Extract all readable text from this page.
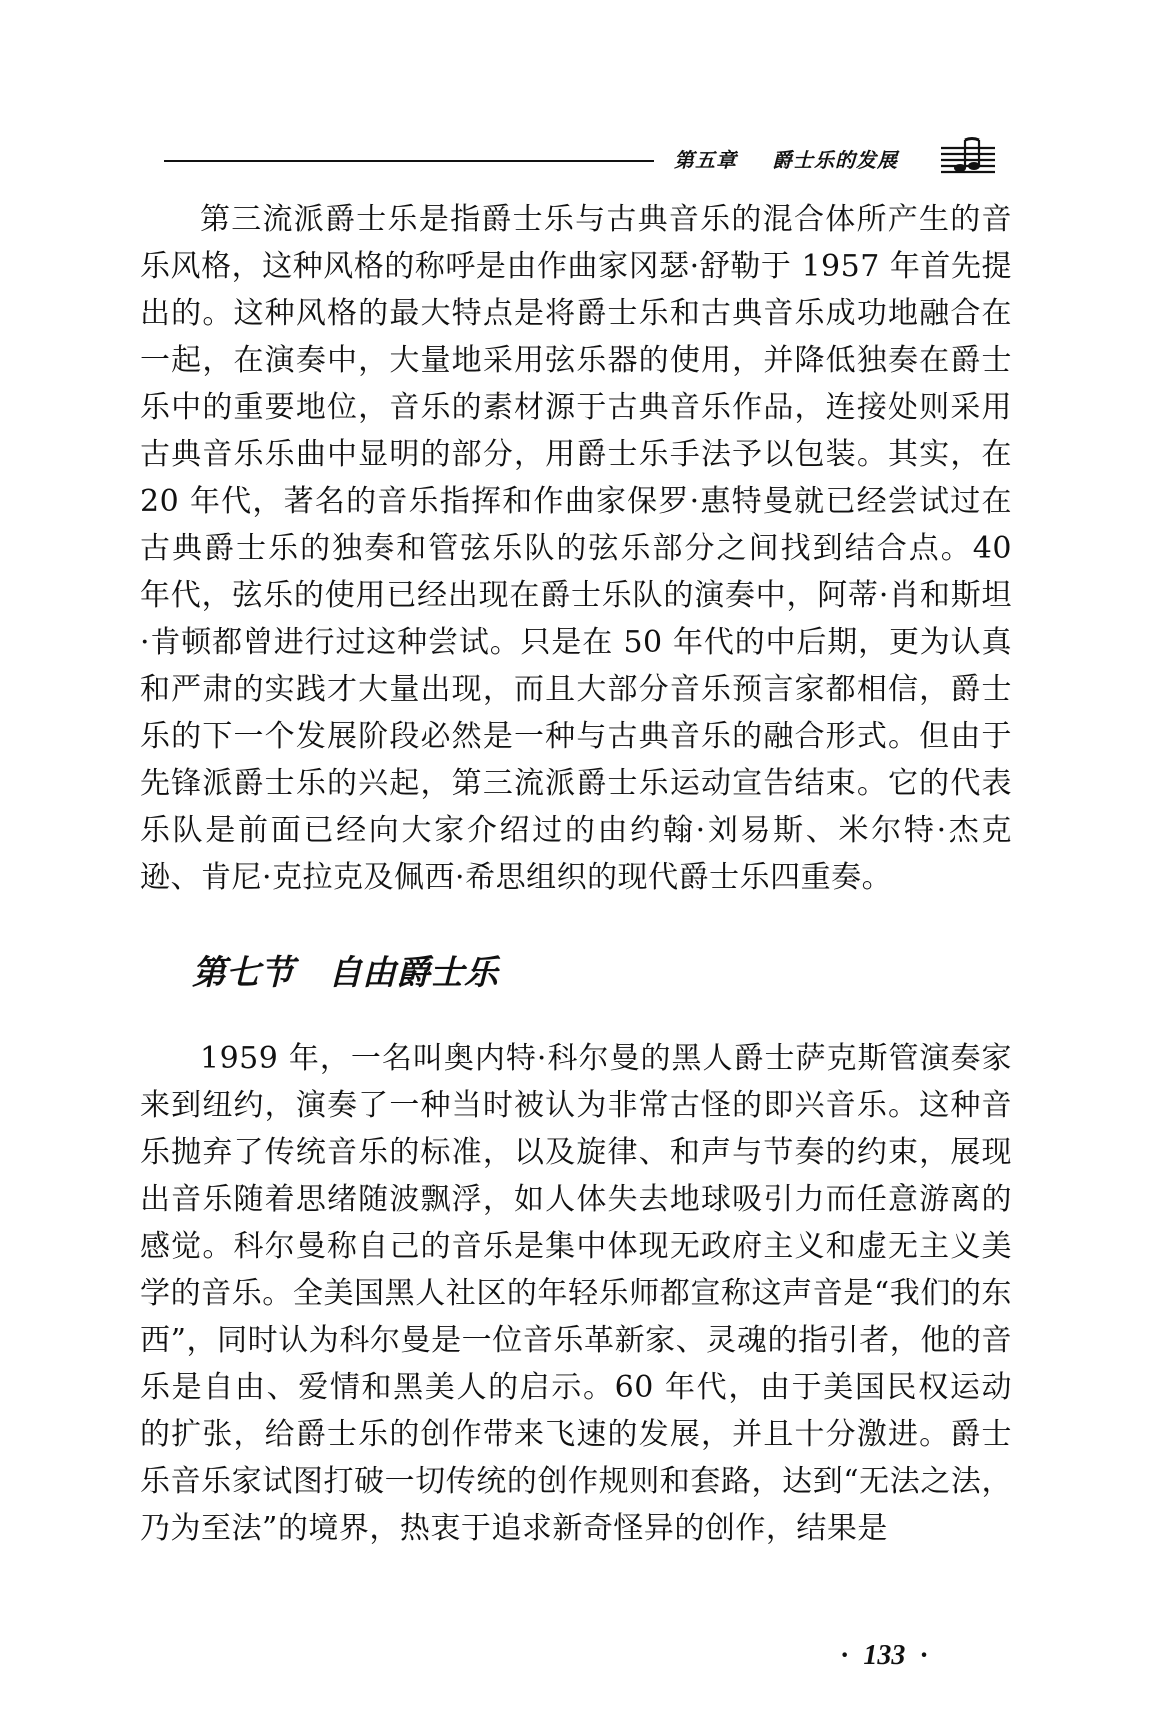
第五章 爵士乐的发展

第三流派爵士乐是指爵士乐与古典音乐的混合体所产生的音乐风格，这种风格的称呼是由作曲家冈瑟·舒勒于 1957 年首先提出的。这种风格的最大特点是将爵士乐和古典音乐成功地融合在一起，在演奏中，大量地采用弦乐器的使用，并降低独奏在爵士乐中的重要地位，音乐的素材源于古典音乐作品，连接处则采用古典音乐乐曲中显明的部分，用爵士乐手法予以包装。其实，在 20 年代，著名的音乐指挥和作曲家保罗·惠特曼就已经尝试过在古典爵士乐的独奏和管弦乐队的弦乐部分之间找到结合点。40 年代，弦乐的使用已经出现在爵士乐队的演奏中，阿蒂·肖和斯坦·肯顿都曾进行过这种尝试。只是在 50 年代的中后期，更为认真和严肃的实践才大量出现，而且大部分音乐预言家都相信，爵士乐的下一个发展阶段必然是一种与古典音乐的融合形式。但由于先锋派爵士乐的兴起，第三流派爵士乐运动宣告结束。它的代表乐队是前面已经向大家介绍过的由约翰·刘易斯、米尔特·杰克逊、肯尼·克拉克及佩西·希思组织的现代爵士乐四重奏。

第七节 自由爵士乐

1959 年，一名叫奥内特·科尔曼的黑人爵士萨克斯管演奏家来到纽约，演奏了一种当时被认为非常古怪的即兴音乐。这种音乐抛弃了传统音乐的标准，以及旋律、和声与节奏的约束，展现出音乐随着思绪随波飘浮，如人体失去地球吸引力而任意游离的感觉。科尔曼称自己的音乐是集中体现无政府主义和虚无主义美学的音乐。全美国黑人社区的年轻乐师都宣称这声音是“我们的东西”，同时认为科尔曼是一位音乐革新家、灵魂的指引者，他的音乐是自由、爱情和黑美人的启示。60 年代，由于美国民权运动的扩张，给爵士乐的创作带来飞速的发展，并且十分激进。爵士乐音乐家试图打破一切传统的创作规则和套路，达到“无法之法，乃为至法”的境界，热衷于追求新奇怪异的创作，结果是

· 133 ·
